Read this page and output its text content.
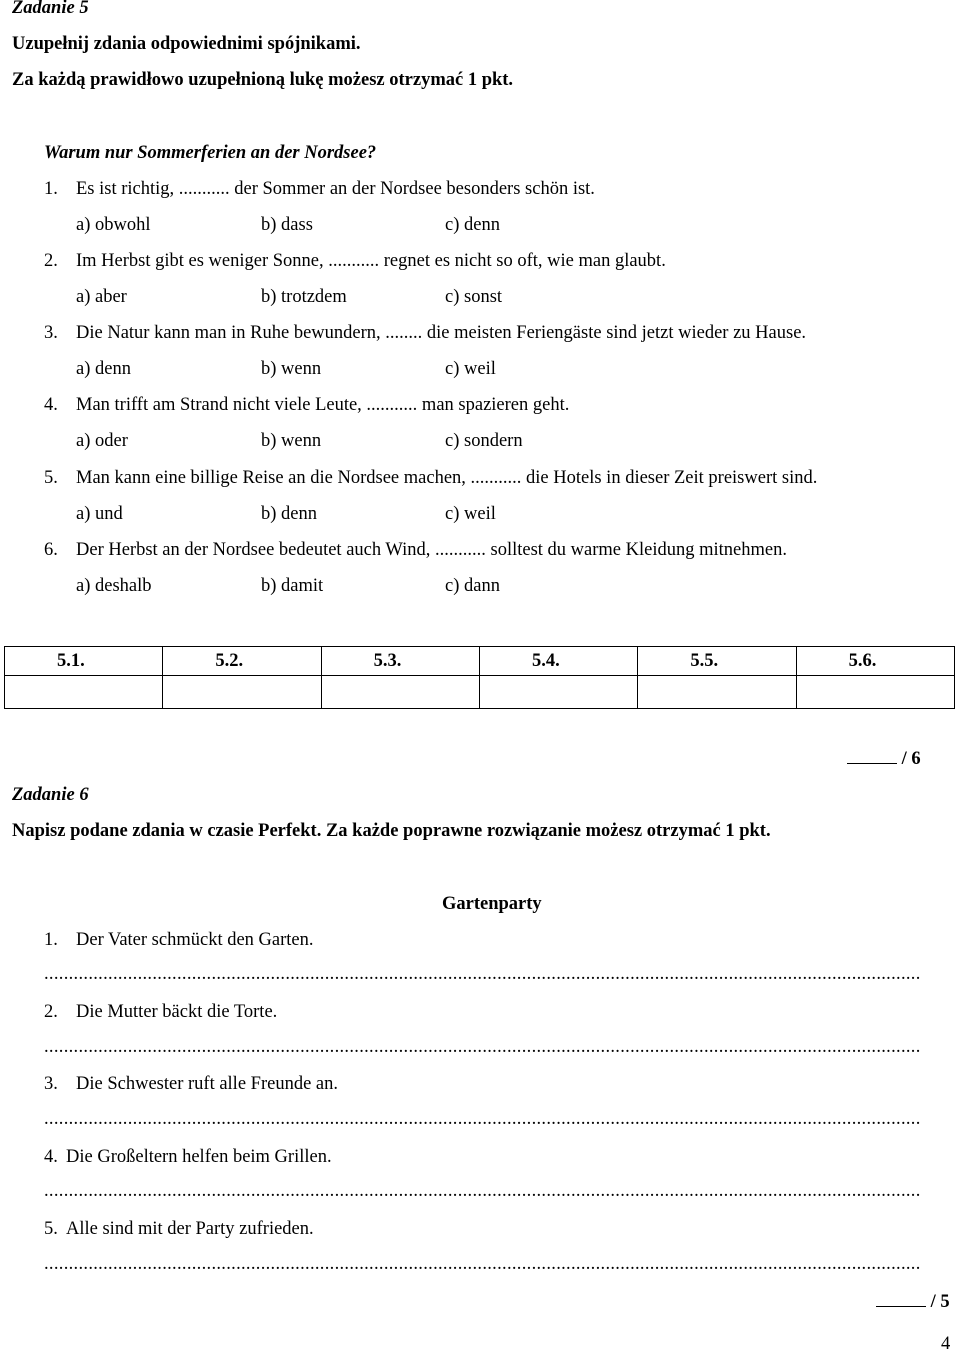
Zadanie 5
Uzupełnij zdania odpowiednimi spójnikami.
Za każdą prawidłowo uzupełnioną lukę możesz otrzymać 1 pkt.
Warum nur Sommerferien an der Nordsee?
1. Es ist richtig, ........... der Sommer an der Nordsee besonders schön ist.
a) obwohl	b) dass	c) denn
2. Im Herbst gibt es weniger Sonne, ........... regnet es nicht so oft, wie man glaubt.
a) aber	b) trotzdem	c) sonst
3. Die Natur kann man in Ruhe bewundern, ........ die meisten Feriengäste sind jetzt wieder zu Hause.
a) denn	b) wenn	c) weil
4. Man trifft am Strand nicht viele Leute, ........... man spazieren geht.
a) oder	b) wenn	c) sondern
5. Man kann eine billige Reise an die Nordsee machen, ........... die Hotels in dieser Zeit preiswert sind.
a) und	b) denn	c) weil
6. Der Herbst an der Nordsee bedeutet auch Wind, ........... solltest du warme Kleidung mitnehmen.
a) deshalb	b) damit	c) dann
5.1.	5.2.	5.3.	5.4.	5.5.	5.6.

/ 6
Zadanie 6
Napisz podane zdania w czasie Perfekt. Za każde poprawne rozwiązanie możesz otrzymać 1 pkt.
Gartenparty
1. Der Vater schmückt den Garten.
..................................................................................................................................................................................
2. Die Mutter bäckt die Torte.
..................................................................................................................................................................................
3. Die Schwester ruft alle Freunde an.
..................................................................................................................................................................................
4. Die Großeltern helfen beim Grillen.
..................................................................................................................................................................................
5. Alle sind mit der Party zufrieden.
..................................................................................................................................................................................
/ 5
4
